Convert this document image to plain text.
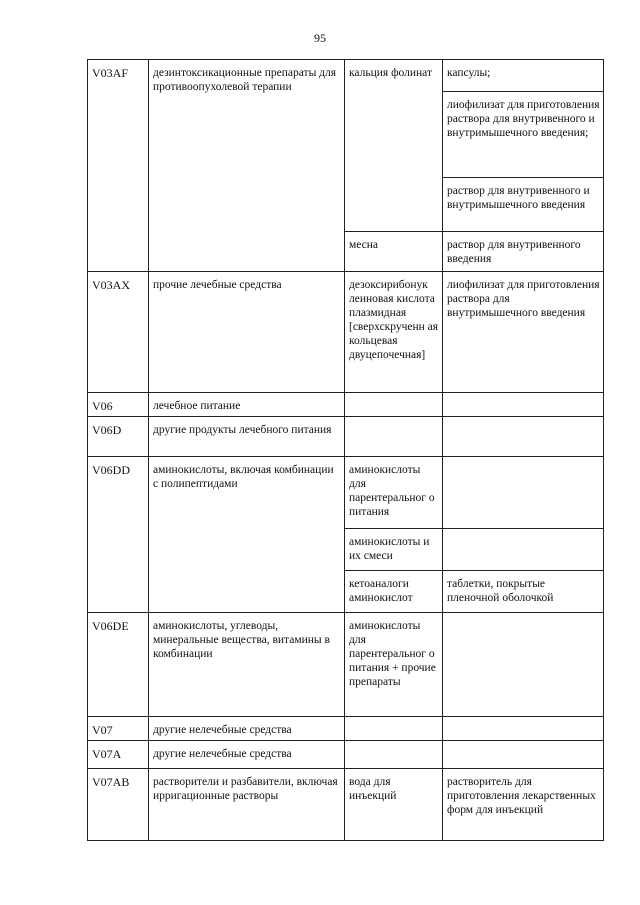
95
V03AF	дезинтоксикационные препараты для противоопухолевой терапии	кальция фолинат	капсулы;
			лиофилизат для приготовления раствора для внутривенного и внутримышечного введения;
			раствор для внутривенного и внутримышечного введения
		месна	раствор для внутривенного введения
V03AX	прочие лечебные средства	дезоксирибонук леиновая кислота плазмидная [сверхскрученн ая кольцевая двуцепочечная]	лиофилизат для приготовления раствора для внутримышечного введения
V06	лечебное питание		
V06D	другие продукты лечебного питания		
V06DD	аминокислоты, включая комбинации с полипептидами	аминокислоты для парентеральног о питания	
		аминокислоты и их смеси	
		кетоаналоги аминокислот	таблетки, покрытые пленочной оболочкой
V06DE	аминокислоты, углеводы, минеральные вещества, витамины в комбинации	аминокислоты для парентеральног о питания + прочие препараты	
V07	другие нелечебные средства		
V07A	другие нелечебные средства		
V07AB	растворители и разбавители, включая ирригационные растворы	вода для инъекций	растворитель для приготовления лекарственных форм для инъекций
